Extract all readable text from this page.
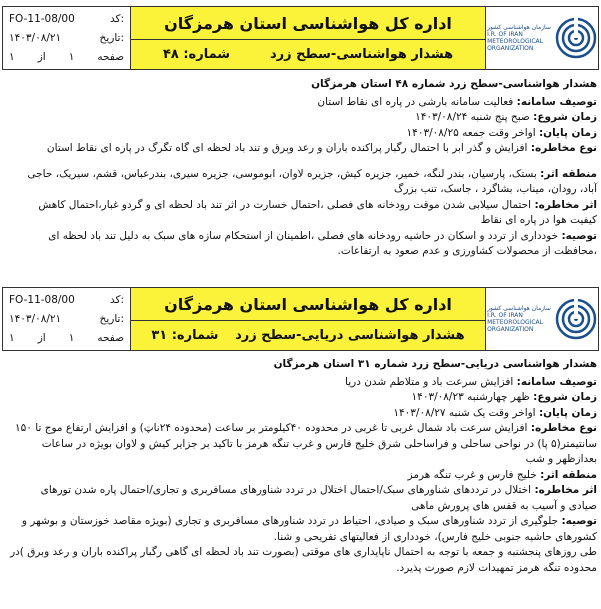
FO-11-08/00	کد:
۱۴۰۳/۰۸/۲۱	تاریخ:
صفحه
۱
از
۱
اداره کل هواشناسی استان هرمزگان
هشدار هواشناسی-سطح زرد
شماره: ۴۸
سازمان هواشناسی کشور
I.R. OF IRAN
METEOROLOGICAL
ORGANIZATION
هشدار هواشناسی-سطح زرد شماره ۴۸ استان هرمزگان

توصیف سامانه: فعالیت سامانه بارشی در پاره ای نقاط استان

زمان شروع: صبح پنج شنبه ۱۴۰۳/۰۸/۲۴

زمان پایان: اواخر وقت جمعه ۱۴۰۳/۰۸/۲۵

نوع مخاطره: افزایش و گذر ابر با احتمال رگبار پراکنده باران و رعد وبرق و تند باد لحظه ای گاه تگرگ در پاره ای نقاط استان

منطقه اثر: بستک، پارسیان، بندر لنگه، خمیر، جزیره کیش، جزیره لاوان، ابوموسی، جزیره سیری، بندرعباس، قشم، سیریک، حاجی آباد، رودان، میناب، بشاگرد ، جاسک، تنب بزرگ

اثر مخاطره: احتمال سیلابی شدن موقت رودخانه های فصلی ،احتمال خسارت در اثر تند باد لحظه ای و گردو غبار،احتمال کاهش کیفیت هوا در پاره ای نقاط

توصیه: خودداری از تردد و اسکان در حاشیه رودخانه های فصلی ،اطمینان از استحکام سازه های سبک به دلیل تند باد لحظه ای ،محافظت از محصولات کشاورزی و عدم صعود به ارتفاعات.

FO-11-08/00	کد:
۱۴۰۳/۰۸/۲۱	تاریخ:
صفحه
۱
از
۱
اداره کل هواشناسی استان هرمزگان
هشدار هواشناسی دریایی-سطح زرد
شماره: ۳۱
سازمان هواشناسی کشور
I.R. OF IRAN
METEOROLOGICAL
ORGANIZATION
هشدار هواشناسی دریایی-سطح زرد شماره ۳۱ استان هرمزگان

توصیف سامانه: افزایش سرعت باد و متلاطم شدن دریا

زمان شروع: ظهر چهارشنبه ۱۴۰۳/۰۸/۲۳

زمان پایان: اواخر وقت یک شنبه ۱۴۰۳/۰۸/۲۷

نوع مخاطره: افزایش سرعت باد شمال غربی تا غربی در محدوده ۴۰کیلومتر بر ساعت (محدوده ۲۴ناټ) و افزایش ارتفاع موج تا ۱۵۰ سانتیمتر(۵ پا) در نواحی ساحلی و فراساحلی شرق خلیج فارس و غرب تنگه هرمز با تاکید بر جزایر کیش و لاوان بویژه در ساعات بعدازظهر و شب

منطقه اثر: خلیج فارس و غرب تنگه هرمز

اثر مخاطره: اختلال در ترددهای شناورهای سبک/احتمال اختلال در تردد شناورهای مسافربری و تجاری/احتمال پاره شدن تورهای صیادی و آسیب به قفس های پرورش ماهی

توصیه: جلوگیری از تردد شناورهای سبک و صیادی، احتیاط در تردد شناورهای مسافربری و تجاری (بویژه مقاصد خوزستان و بوشهر و کشورهای حاشیه جنوبی خلیج فارس)، خودداری از فعالیتهای تفریحی و شنا.

طی روزهای پنجشنبه و جمعه با توجه به احتمال ناپایداری های موقتی (بصورت تند باد لحظه ای گاهی رگبار پراکنده باران و رعد وبرق )در محدوده تنگه هرمز تمهیدات لازم صورت پذیرد.
